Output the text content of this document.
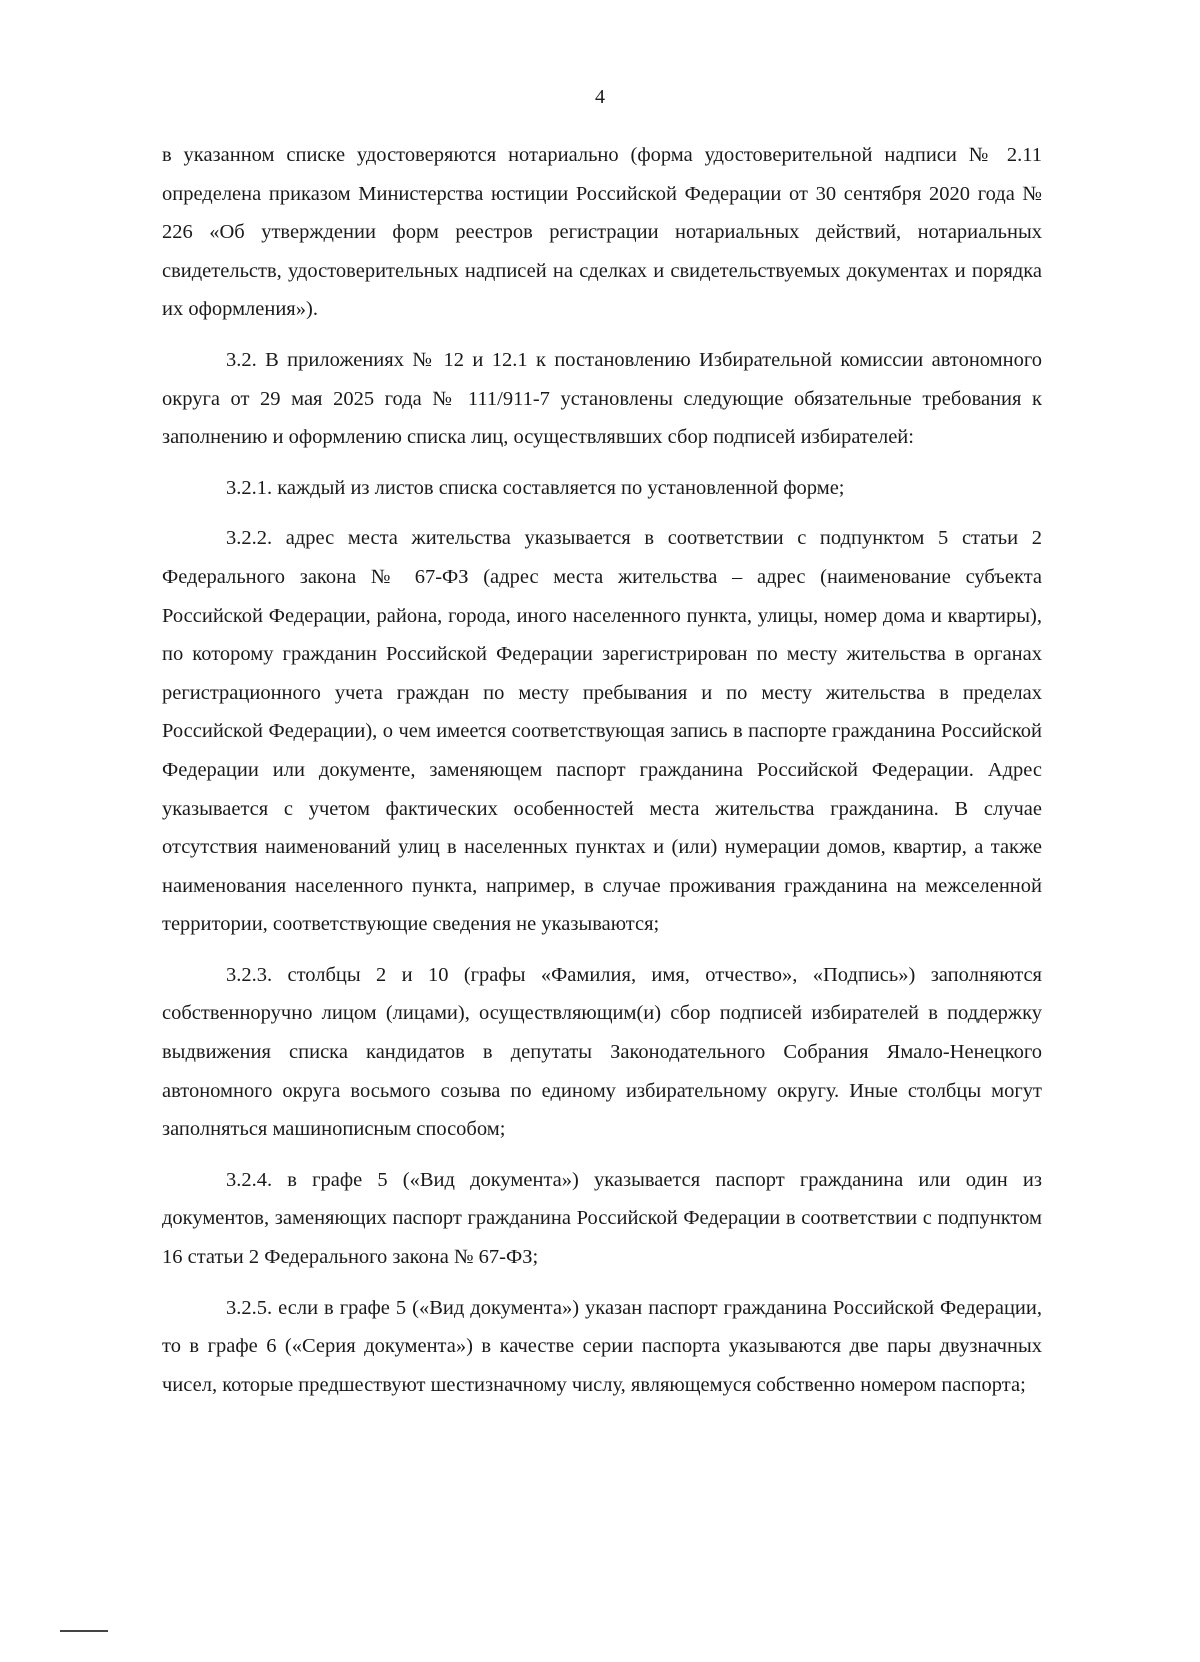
4

в указанном списке удостоверяются нотариально (форма удостоверительной надписи № 2.11 определена приказом Министерства юстиции Российской Федерации от 30 сентября 2020 года № 226 «Об утверждении форм реестров регистрации нотариальных действий, нотариальных свидетельств, удостоверительных надписей на сделках и свидетельствуемых документах и порядка их оформления»).

3.2. В приложениях № 12 и 12.1 к постановлению Избирательной комиссии автономного округа от 29 мая 2025 года № 111/911-7 установлены следующие обязательные требования к заполнению и оформлению списка лиц, осуществлявших сбор подписей избирателей:

3.2.1. каждый из листов списка составляется по установленной форме;

3.2.2. адрес места жительства указывается в соответствии с подпунктом 5 статьи 2 Федерального закона № 67-ФЗ (адрес места жительства – адрес (наименование субъекта Российской Федерации, района, города, иного населенного пункта, улицы, номер дома и квартиры), по которому гражданин Российской Федерации зарегистрирован по месту жительства в органах регистрационного учета граждан по месту пребывания и по месту жительства в пределах Российской Федерации), о чем имеется соответствующая запись в паспорте гражданина Российской Федерации или документе, заменяющем паспорт гражданина Российской Федерации. Адрес указывается с учетом фактических особенностей места жительства гражданина. В случае отсутствия наименований улиц в населенных пунктах и (или) нумерации домов, квартир, а также наименования населенного пункта, например, в случае проживания гражданина на межселенной территории, соответствующие сведения не указываются;

3.2.3. столбцы 2 и 10 (графы «Фамилия, имя, отчество», «Подпись») заполняются собственноручно лицом (лицами), осуществляющим(и) сбор подписей избирателей в поддержку выдвижения списка кандидатов в депутаты Законодательного Собрания Ямало-Ненецкого автономного округа восьмого созыва по единому избирательному округу. Иные столбцы могут заполняться машинописным способом;

3.2.4. в графе 5 («Вид документа») указывается паспорт гражданина или один из документов, заменяющих паспорт гражданина Российской Федерации в соответствии с подпунктом 16 статьи 2 Федерального закона № 67-ФЗ;

3.2.5. если в графе 5 («Вид документа») указан паспорт гражданина Российской Федерации, то в графе 6 («Серия документа») в качестве серии паспорта указываются две пары двузначных чисел, которые предшествуют шестизначному числу, являющемуся собственно номером паспорта;
